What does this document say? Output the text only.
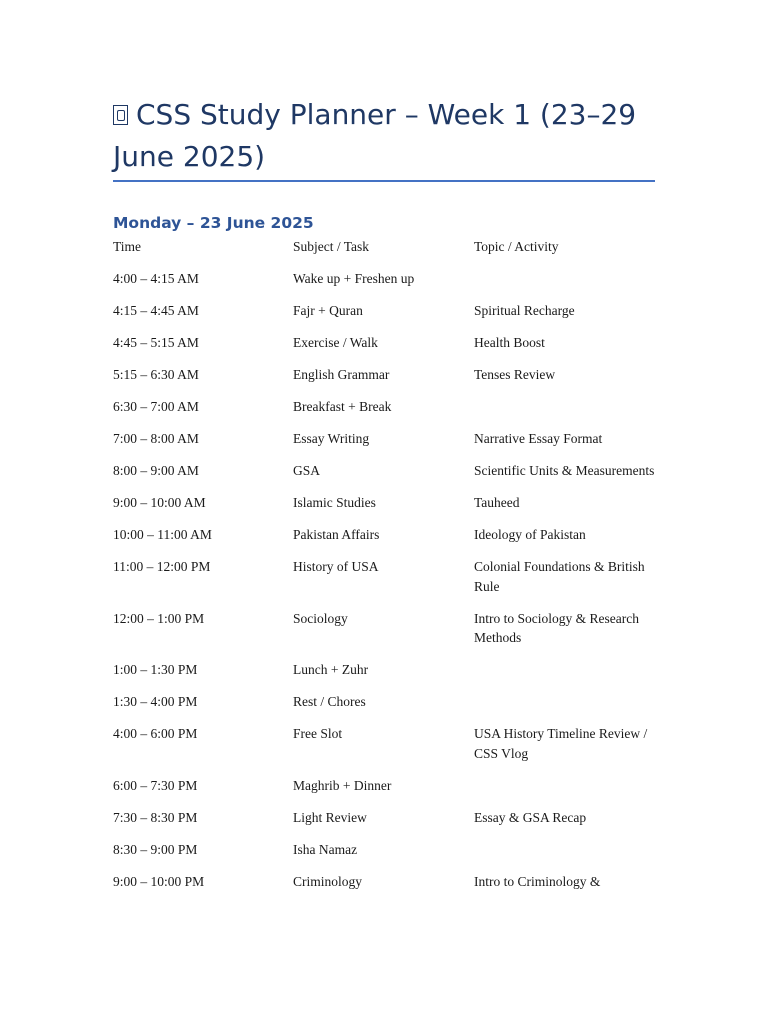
CSS Study Planner – Week 1 (23–29 June 2025)
Monday – 23 June 2025
Time	Subject / Task	Topic / Activity
4:00 – 4:15 AM	Wake up + Freshen up	
4:15 – 4:45 AM	Fajr + Quran	Spiritual Recharge
4:45 – 5:15 AM	Exercise / Walk	Health Boost
5:15 – 6:30 AM	English Grammar	Tenses Review
6:30 – 7:00 AM	Breakfast + Break	
7:00 – 8:00 AM	Essay Writing	Narrative Essay Format
8:00 – 9:00 AM	GSA	Scientific Units & Measurements
9:00 – 10:00 AM	Islamic Studies	Tauheed
10:00 – 11:00 AM	Pakistan Affairs	Ideology of Pakistan
11:00 – 12:00 PM	History of USA	Colonial Foundations & British Rule
12:00 – 1:00 PM	Sociology	Intro to Sociology & Research Methods
1:00 – 1:30 PM	Lunch + Zuhr	
1:30 – 4:00 PM	Rest / Chores	
4:00 – 6:00 PM	Free Slot	USA History Timeline Review / CSS Vlog
6:00 – 7:30 PM	Maghrib + Dinner	
7:30 – 8:30 PM	Light Review	Essay & GSA Recap
8:30 – 9:00 PM	Isha Namaz	
9:00 – 10:00 PM	Criminology	Intro to Criminology &
